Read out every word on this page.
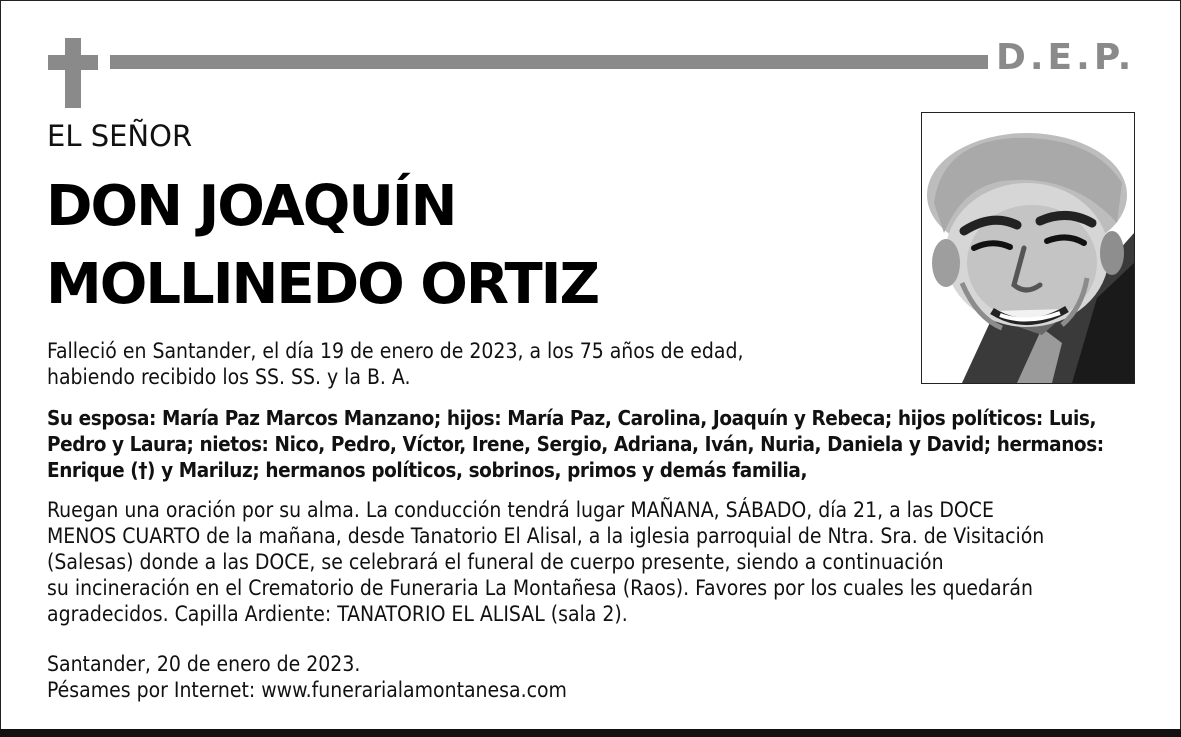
D.E.P.
EL SEÑOR
DON JOAQUÍN
MOLLINEDO ORTIZ
Falleció en Santander, el día 19 de enero de 2023, a los 75 años de edad,
habiendo recibido los SS. SS. y la B. A.
Su esposa: María Paz Marcos Manzano; hijos: María Paz, Carolina, Joaquín y Rebeca; hijos políticos: Luis,
Pedro y Laura; nietos: Nico, Pedro, Víctor, Irene, Sergio, Adriana, Iván, Nuria, Daniela y David; hermanos:
Enrique (†) y Mariluz; hermanos políticos, sobrinos, primos y demás familia,
Ruegan una oración por su alma. La conducción tendrá lugar MAÑANA, SÁBADO, día 21, a las DOCE
MENOS CUARTO de la mañana, desde Tanatorio El Alisal, a la iglesia parroquial de Ntra. Sra. de Visitación
(Salesas) donde a las DOCE, se celebrará el funeral de cuerpo presente, siendo a continuación
su incineración en el Crematorio de Funeraria La Montañesa (Raos). Favores por los cuales les quedarán
agradecidos. Capilla Ardiente: TANATORIO EL ALISAL (sala 2).
Santander, 20 de enero de 2023.
Pésames por Internet: www.funerarialamontanesa.com
